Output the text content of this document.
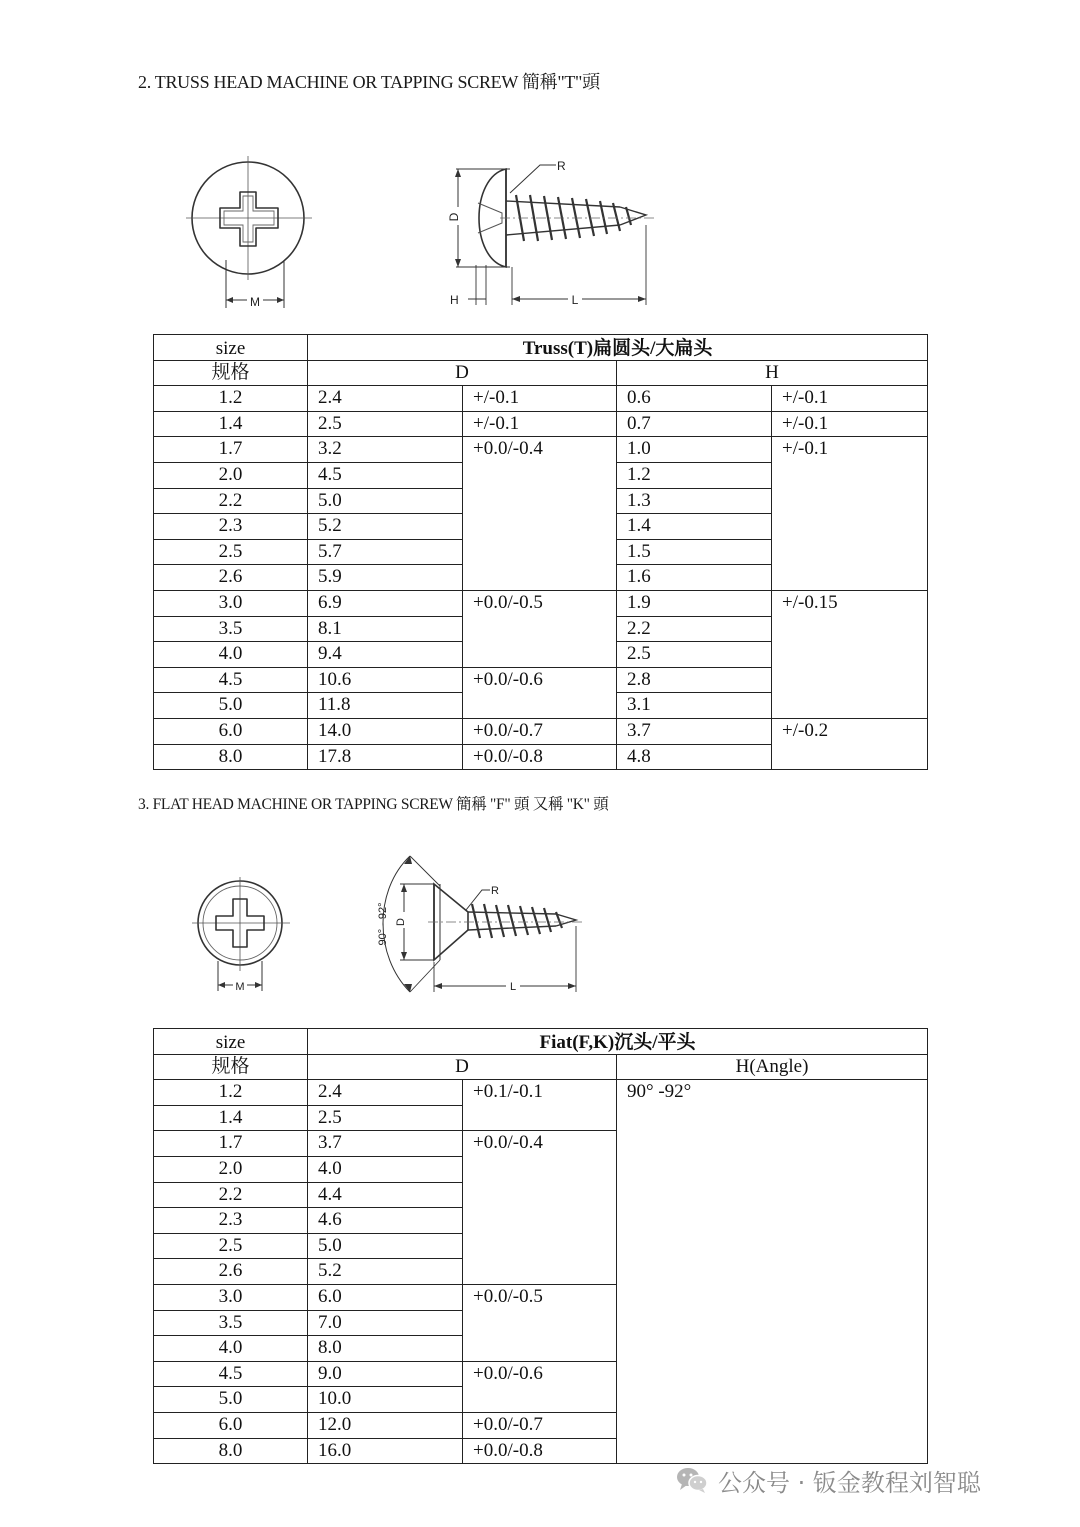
2. TRUSS HEAD MACHINE OR TAPPING SCREW 簡稱"T"頭
M
R
D
H	L
size	Truss(T)扁圆头/大扁头			
规格	D		H	
1.2	2.4	+/-0.1	0.6	+/-0.1
1.4	2.5	+/-0.1	0.7	+/-0.1
1.7	3.2	+0.0/-0.4	1.0	+/-0.1
2.0	4.5		1.2	
2.2	5.0		1.3	
2.3	5.2		1.4	
2.5	5.7		1.5	
2.6	5.9		1.6	
3.0	6.9	+0.0/-0.5	1.9	+/-0.15
3.5	8.1		2.2	
4.0	9.4		2.5	
4.5	10.6	+0.0/-0.6	2.8	
5.0	11.8		3.1	
6.0	14.0	+0.0/-0.7	3.7	+/-0.2
8.0	17.8	+0.0/-0.8	4.8	
3. FLAT HEAD MACHINE OR TAPPING SCREW 簡稱 "F" 頭 又稱 "K" 頭
M
R
90° - 92° D
L
size	Fiat(F,K)沉头/平头		
规格	D		H(Angle)
1.2	2.4	+0.1/-0.1	90° -92°
1.4	2.5		
1.7	3.7	+0.0/-0.4	
2.0	4.0		
2.2	4.4		
2.3	4.6		
2.5	5.0		
2.6	5.2		
3.0	6.0	+0.0/-0.5	
3.5	7.0		
4.0	8.0		
4.5	9.0	+0.0/-0.6	
5.0	10.0		
6.0	12.0	+0.0/-0.7	
8.0	16.0	+0.0/-0.8	
公众号 · 钣金教程刘智聪
